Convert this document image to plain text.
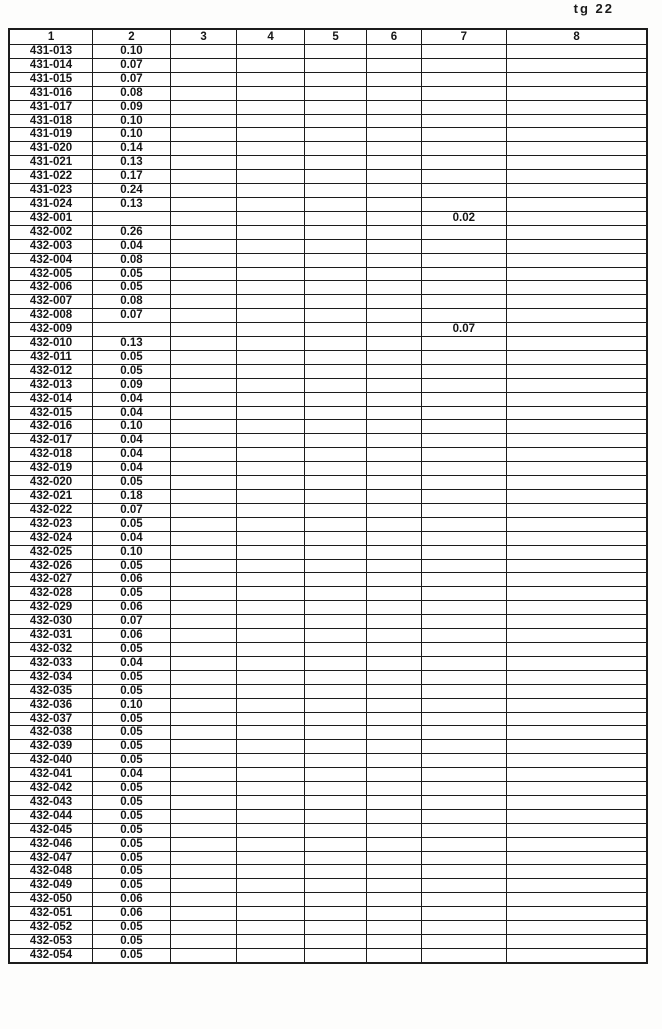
tg 22
1	2	3	4	5	6	7	8
431-013	0.10						
431-014	0.07						
431-015	0.07						
431-016	0.08						
431-017	0.09						
431-018	0.10						
431-019	0.10						
431-020	0.14						
431-021	0.13						
431-022	0.17						
431-023	0.24						
431-024	0.13						
432-001						0.02	
432-002	0.26						
432-003	0.04						
432-004	0.08						
432-005	0.05						
432-006	0.05						
432-007	0.08						
432-008	0.07						
432-009						0.07	
432-010	0.13						
432-011	0.05						
432-012	0.05						
432-013	0.09						
432-014	0.04						
432-015	0.04						
432-016	0.10						
432-017	0.04						
432-018	0.04						
432-019	0.04						
432-020	0.05						
432-021	0.18						
432-022	0.07						
432-023	0.05						
432-024	0.04						
432-025	0.10						
432-026	0.05						
432-027	0.06						
432-028	0.05						
432-029	0.06						
432-030	0.07						
432-031	0.06						
432-032	0.05						
432-033	0.04						
432-034	0.05						
432-035	0.05						
432-036	0.10						
432-037	0.05						
432-038	0.05						
432-039	0.05						
432-040	0.05						
432-041	0.04						
432-042	0.05						
432-043	0.05						
432-044	0.05						
432-045	0.05						
432-046	0.05						
432-047	0.05						
432-048	0.05						
432-049	0.05						
432-050	0.06						
432-051	0.06						
432-052	0.05						
432-053	0.05						
432-054	0.05						
